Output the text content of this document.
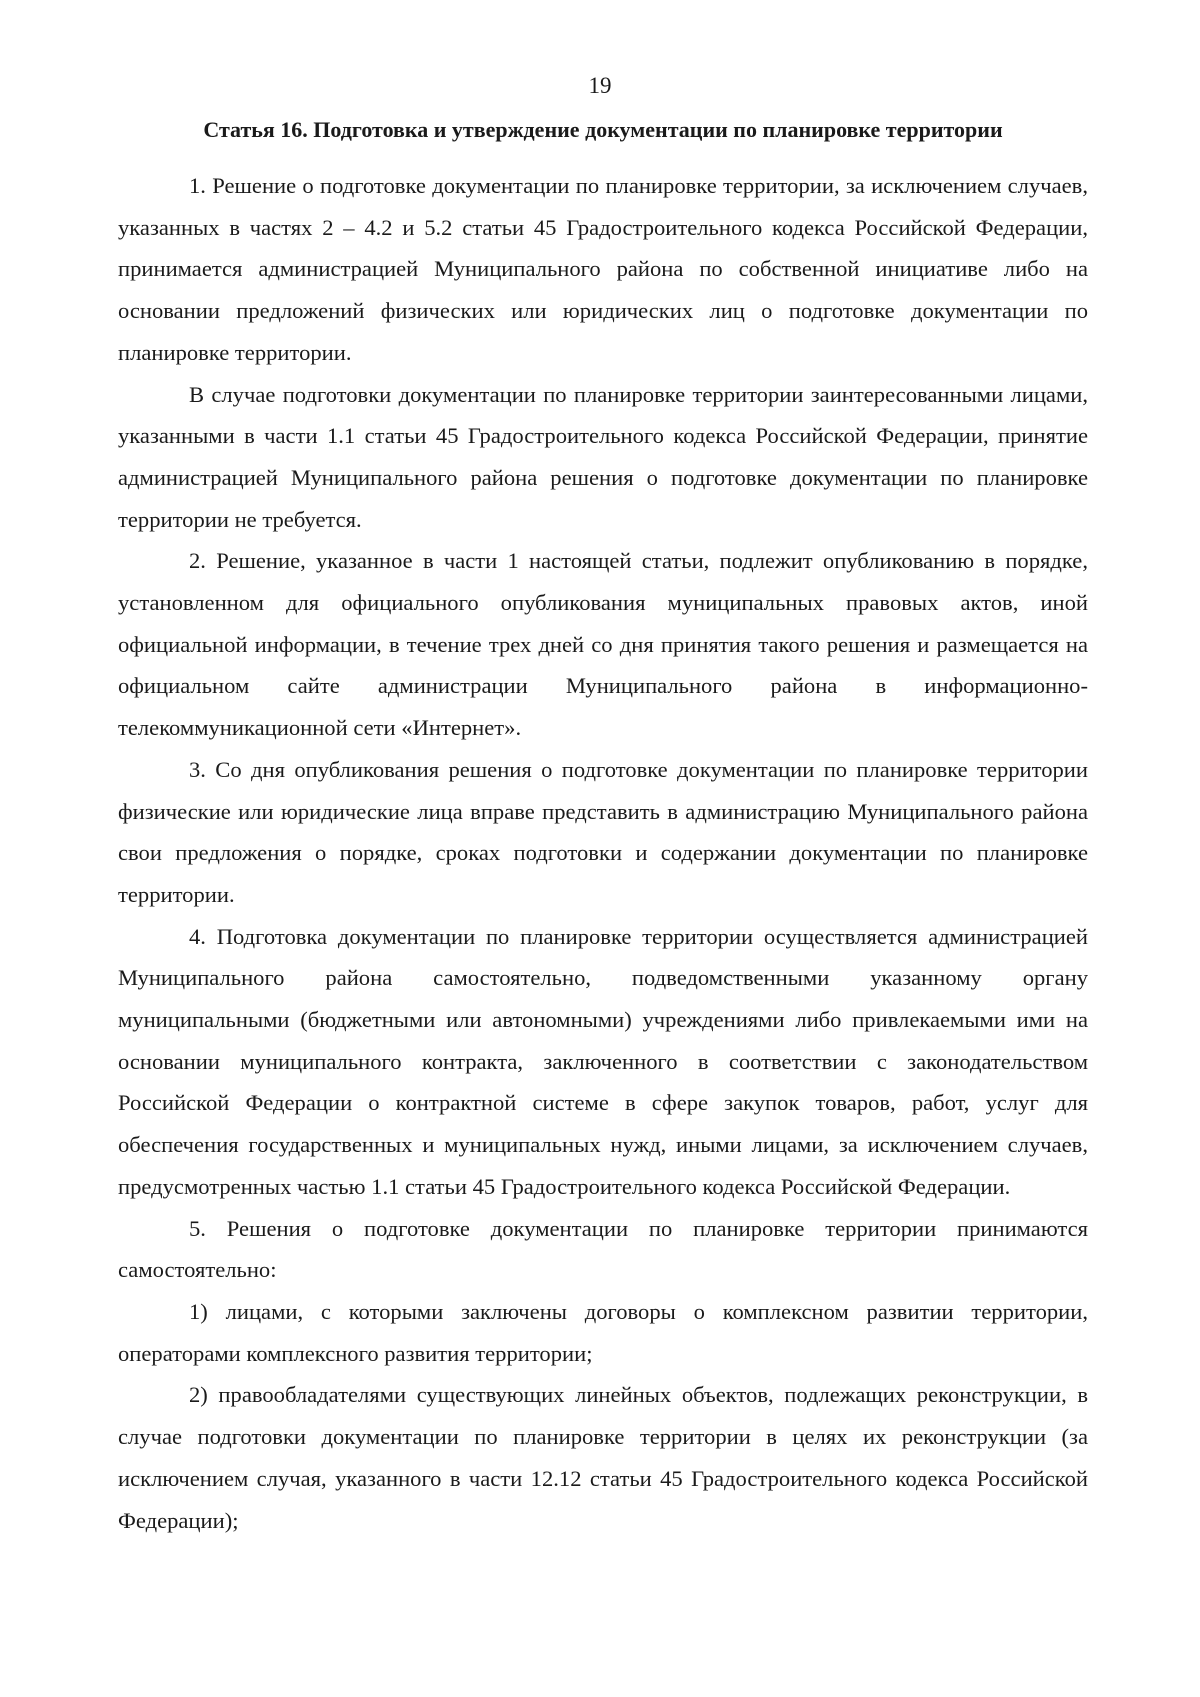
19
Статья 16. Подготовка и утверждение документации по планировке территории

1. Решение о подготовке документации по планировке территории, за исключением случаев, указанных в частях 2 – 4.2 и 5.2 статьи 45 Градостроительного кодекса Российской Федерации, принимается администрацией Муниципального района по собственной инициативе либо на основании предложений физических или юридических лиц о подготовке документации по планировке территории.

В случае подготовки документации по планировке территории заинтересованными лицами, указанными в части 1.1 статьи 45 Градостроительного кодекса Российской Федерации, принятие администрацией Муниципального района решения о подготовке документации по планировке территории не требуется.

2. Решение, указанное в части 1 настоящей статьи, подлежит опубликованию в порядке, установленном для официального опубликования муниципальных правовых актов, иной официальной информации, в течение трех дней со дня принятия такого решения и размещается на официальном сайте администрации Муниципального района в информационно-телекоммуникационной сети «Интернет».

3. Со дня опубликования решения о подготовке документации по планировке территории физические или юридические лица вправе представить в администрацию Муниципального района свои предложения о порядке, сроках подготовки и содержании документации по планировке территории.

4. Подготовка документации по планировке территории осуществляется администрацией Муниципального района самостоятельно, подведомственными указанному органу муниципальными (бюджетными или автономными) учреждениями либо привлекаемыми ими на основании муниципального контракта, заключенного в соответствии с законодательством Российской Федерации о контрактной системе в сфере закупок товаров, работ, услуг для обеспечения государственных и муниципальных нужд, иными лицами, за исключением случаев, предусмотренных частью 1.1 статьи 45 Градостроительного кодекса Российской Федерации.

5. Решения о подготовке документации по планировке территории принимаются самостоятельно:

1) лицами, с которыми заключены договоры о комплексном развитии территории, операторами комплексного развития территории;

2) правообладателями существующих линейных объектов, подлежащих реконструкции, в случае подготовки документации по планировке территории в целях их реконструкции (за исключением случая, указанного в части 12.12 статьи 45 Градостроительного кодекса Российской Федерации);
